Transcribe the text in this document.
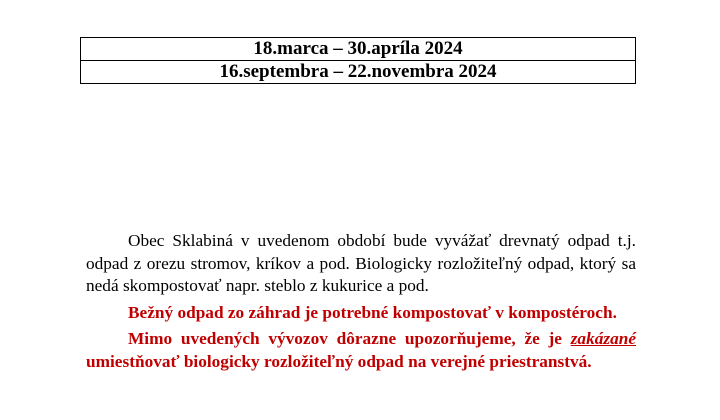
18.marca – 30.apríla 2024
16.septembra – 22.novembra 2024

Obec Sklabiná v uvedenom období bude vyvážať drevnatý odpad t.j. odpad z orezu stromov, kríkov a pod. Biologicky rozložiteľný odpad, ktorý sa nedá skompostovať napr. steblo z kukurice a pod.

Bežný odpad zo záhrad je potrebné kompostovať v kompostéroch.

Mimo uvedených vývozov dôrazne upozorňujeme, že je zakázané umiestňovať biologicky rozložiteľný odpad na verejné priestranstvá.
